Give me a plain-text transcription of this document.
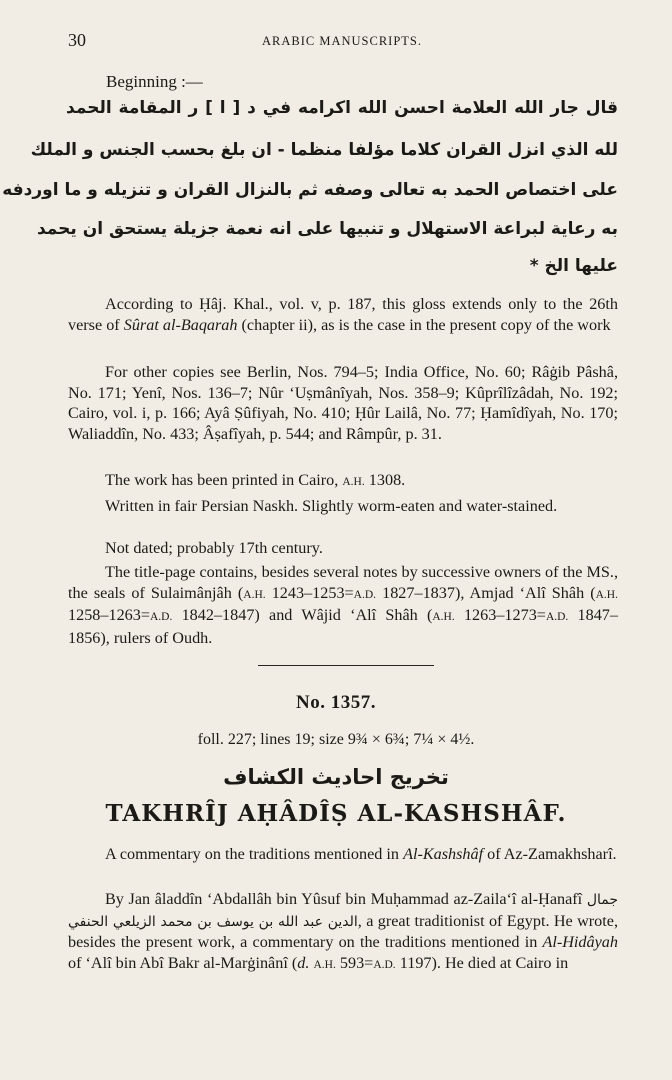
30	ARABIC MANUSCRIPTS.
Beginning :—
قال جار الله العلامة احسن الله اكرامه في د [ ا ] ر المقامة الحمد
لله الذي انزل القران كلاما مؤلفا منظما - ان بلغ بحسب الجنس و الملك
على اختصاص الحمد به تعالى وصفه ثم بالنزال القران و تنزيله و ما اوردفه
به رعاية لبراعة الاستهلال و تنبيها على انه نعمة جزيلة يستحق ان يحمد
عليها الخ *

According to Ḥâj. Khal., vol. v, p. 187, this gloss extends only to the 26th verse of Sûrat al-Baqarah (chapter ii), as is the case in the present copy of the work

For other copies see Berlin, Nos. 794–5; India Office, No. 60; Râġib Pâshâ, No. 171; Yenî, Nos. 136–7; Nûr ʻUṣmânîyah, Nos. 358–9; Kûprîlîzâdah, No. 192; Cairo, vol. i, p. 166; Ayâ Ṣûfiyah, No. 410; Ḥûr Lailâ, No. 77; Ḥamîdîyah, No. 170; Waliaddîn, No. 433; Âṣafîyah, p. 544; and Râmpûr, p. 31.

The work has been printed in Cairo, A.H. 1308.

Written in fair Persian Naskh. Slightly worm-eaten and water-stained.

Not dated; probably 17th century.

The title-page contains, besides several notes by successive owners of the MS., the seals of Sulaimânjâh (A.H. 1243–1253=A.D. 1827–1837), Amjad ʻAlî Shâh (A.H. 1258–1263=A.D. 1842–1847) and Wâjid ʻAlî Shâh (A.H. 1263–1273=A.D. 1847–1856), rulers of Oudh.

No. 1357.
foll. 227; lines 19; size 9¾ × 6¾; 7¼ × 4½.
تخريج احاديث الكشاف
TAKHRÎJ AḤÂDÎṢ AL-KASHSHÂF.

A commentary on the traditions mentioned in Al-Kashshâf of Az-Zamakhsharî.

By Jan âladdîn ʻAbdallâh bin Yûsuf bin Muḥammad az-Zailaʻî al-Ḥanafî جمال الدين عبد الله بن يوسف بن محمد الزيلعي الحنفي, a great traditionist of Egypt. He wrote, besides the present work, a commentary on the traditions mentioned in Al-Hidâyah of ʻAlî bin Abî Bakr al-Marġinânî (d. A.H. 593=A.D. 1197). He died at Cairo in
